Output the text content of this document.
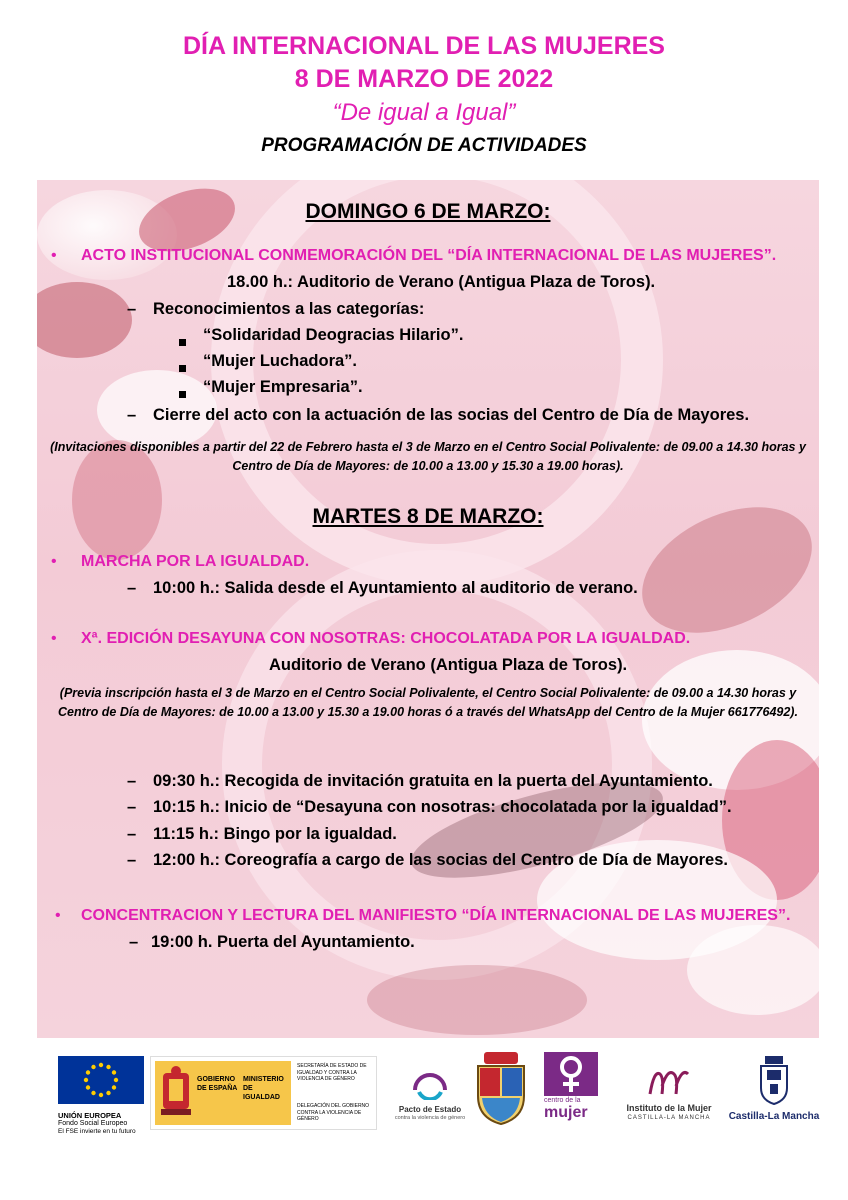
DÍA INTERNACIONAL DE LAS MUJERES
8 DE MARZO DE 2022
“De igual a Igual”
PROGRAMACIÓN DE ACTIVIDADES
DOMINGO 6 DE MARZO:
• ACTO INSTITUCIONAL CONMEMORACIÓN DEL “DÍA INTERNACIONAL DE LAS MUJERES”.
18.00 h.: Auditorio de Verano (Antigua Plaza de Toros).
– Reconocimientos a las categorías:
“Solidaridad Deogracias Hilario”.
“Mujer Luchadora”.
“Mujer Empresaria”.
– Cierre del acto con la actuación de las socias del Centro de Día de Mayores.
(Invitaciones disponibles a partir del 22 de Febrero hasta el 3 de Marzo en el Centro Social Polivalente: de 09.00 a 14.30 horas y Centro de Día de Mayores: de 10.00 a 13.00 y 15.30 a 19.00 horas).
MARTES 8 DE MARZO:
• MARCHA POR LA IGUALDAD.
– 10:00 h.: Salida desde el Ayuntamiento al auditorio de verano.
• Xª. EDICIÓN DESAYUNA CON NOSOTRAS: CHOCOLATADA POR LA IGUALDAD.
Auditorio de Verano (Antigua Plaza de Toros).
(Previa inscripción hasta el 3 de Marzo en el Centro Social Polivalente, el Centro Social Polivalente: de 09.00 a 14.30 horas y Centro de Día de Mayores: de 10.00 a 13.00 y 15.30 a 19.00 horas ó a través del WhatsApp del Centro de la Mujer 661776492).
– 09:30 h.: Recogida de invitación gratuita en la puerta del Ayuntamiento.
– 10:15 h.: Inicio de “Desayuna con nosotras: chocolatada por la igualdad”.
– 11:15 h.: Bingo por la igualdad.
– 12:00 h.: Coreografía a cargo de las socias del Centro de Día de Mayores.
• CONCENTRACION Y LECTURA DEL MANIFIESTO “DÍA INTERNACIONAL DE LAS MUJERES”.
– 19:00 h. Puerta del Ayuntamiento.
UNIÓN EUROPEA
Fondo Social Europeo
El FSE invierte en tu futuro
GOBIERNO DE ESPAÑA
MINISTERIO DE IGUALDAD
SECRETARÍA DE ESTADO DE IGUALDAD Y CONTRA LA VIOLENCIA DE GÉNERO
DELEGACIÓN DEL GOBIERNO CONTRA LA VIOLENCIA DE GÉNERO
Pacto de Estado
contra la violencia de género
centro de la
mujer	Instituto de la Mujer
CASTILLA-LA MANCHA	Castilla-La Mancha
